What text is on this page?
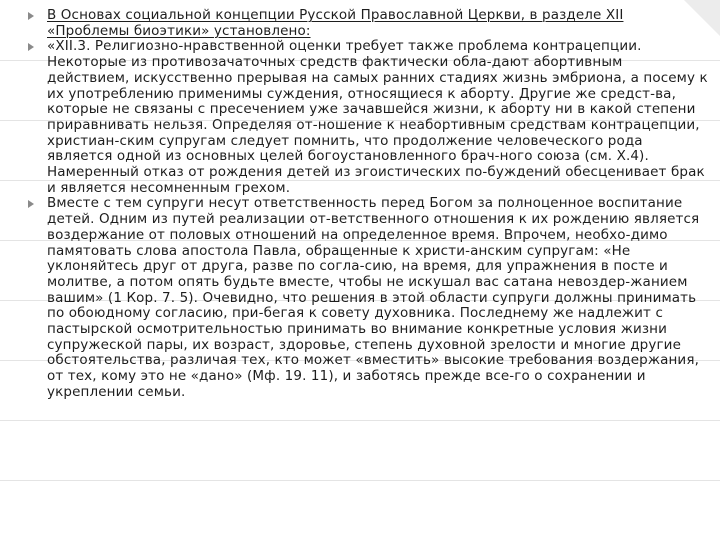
В Основах социальной концепции Русской Православной Церкви, в разделе XII «Проблемы биоэтики» установлено:
«XII.3. Религиозно-нравственной оценки требует также проблема контрацепции. Некоторые из противозачаточных средств фактически обла-дают абортивным действием, искусственно прерывая на самых ранних стадиях жизнь эмбриона, а посему к их употреблению применимы суждения, относящиеся к аборту. Другие же средст-ва, которые не связаны с пресечением уже зачавшейся жизни, к аборту ни в какой степени приравнивать нельзя. Определяя от-ношение к неабортивным средствам контрацепции, христиан-ским супругам следует помнить, что продолжение человеческого рода является одной из основных целей богоустановленного брач-ного союза (см. Х.4). Намеренный отказ от рождения детей из эгоистических по-буждений обесценивает брак и является несомненным грехом.
Вместе с тем супруги несут ответственность перед Богом за полноценное воспитание детей. Одним из путей реализации от-ветственного отношения к их рождению является воздержание от половых отношений на определенное время. Впрочем, необхо-димо памятовать слова апостола Павла, обращенные к христи-анским супругам: «Не уклоняйтесь друг от друга, разве по согла-сию, на время, для упражнения в посте и молитве, а потом опять будьте вместе, чтобы не искушал вас сатана невоздер-жанием вашим» (1 Кор. 7. 5). Очевидно, что решения в этой области супруги должны принимать по обоюдному согласию, при-бегая к совету духовника. Последнему же надлежит с пастырской осмотрительностью принимать во внимание конкретные условия жизни супружеской пары, их возраст, здоровье, степень духовной зрелости и многие другие обстоятельства, различая тех, кто может «вместить» высокие требования воздержания, от тех, кому это не «дано» (Мф. 19. 11), и заботясь прежде все-го о сохранении и укреплении семьи.
